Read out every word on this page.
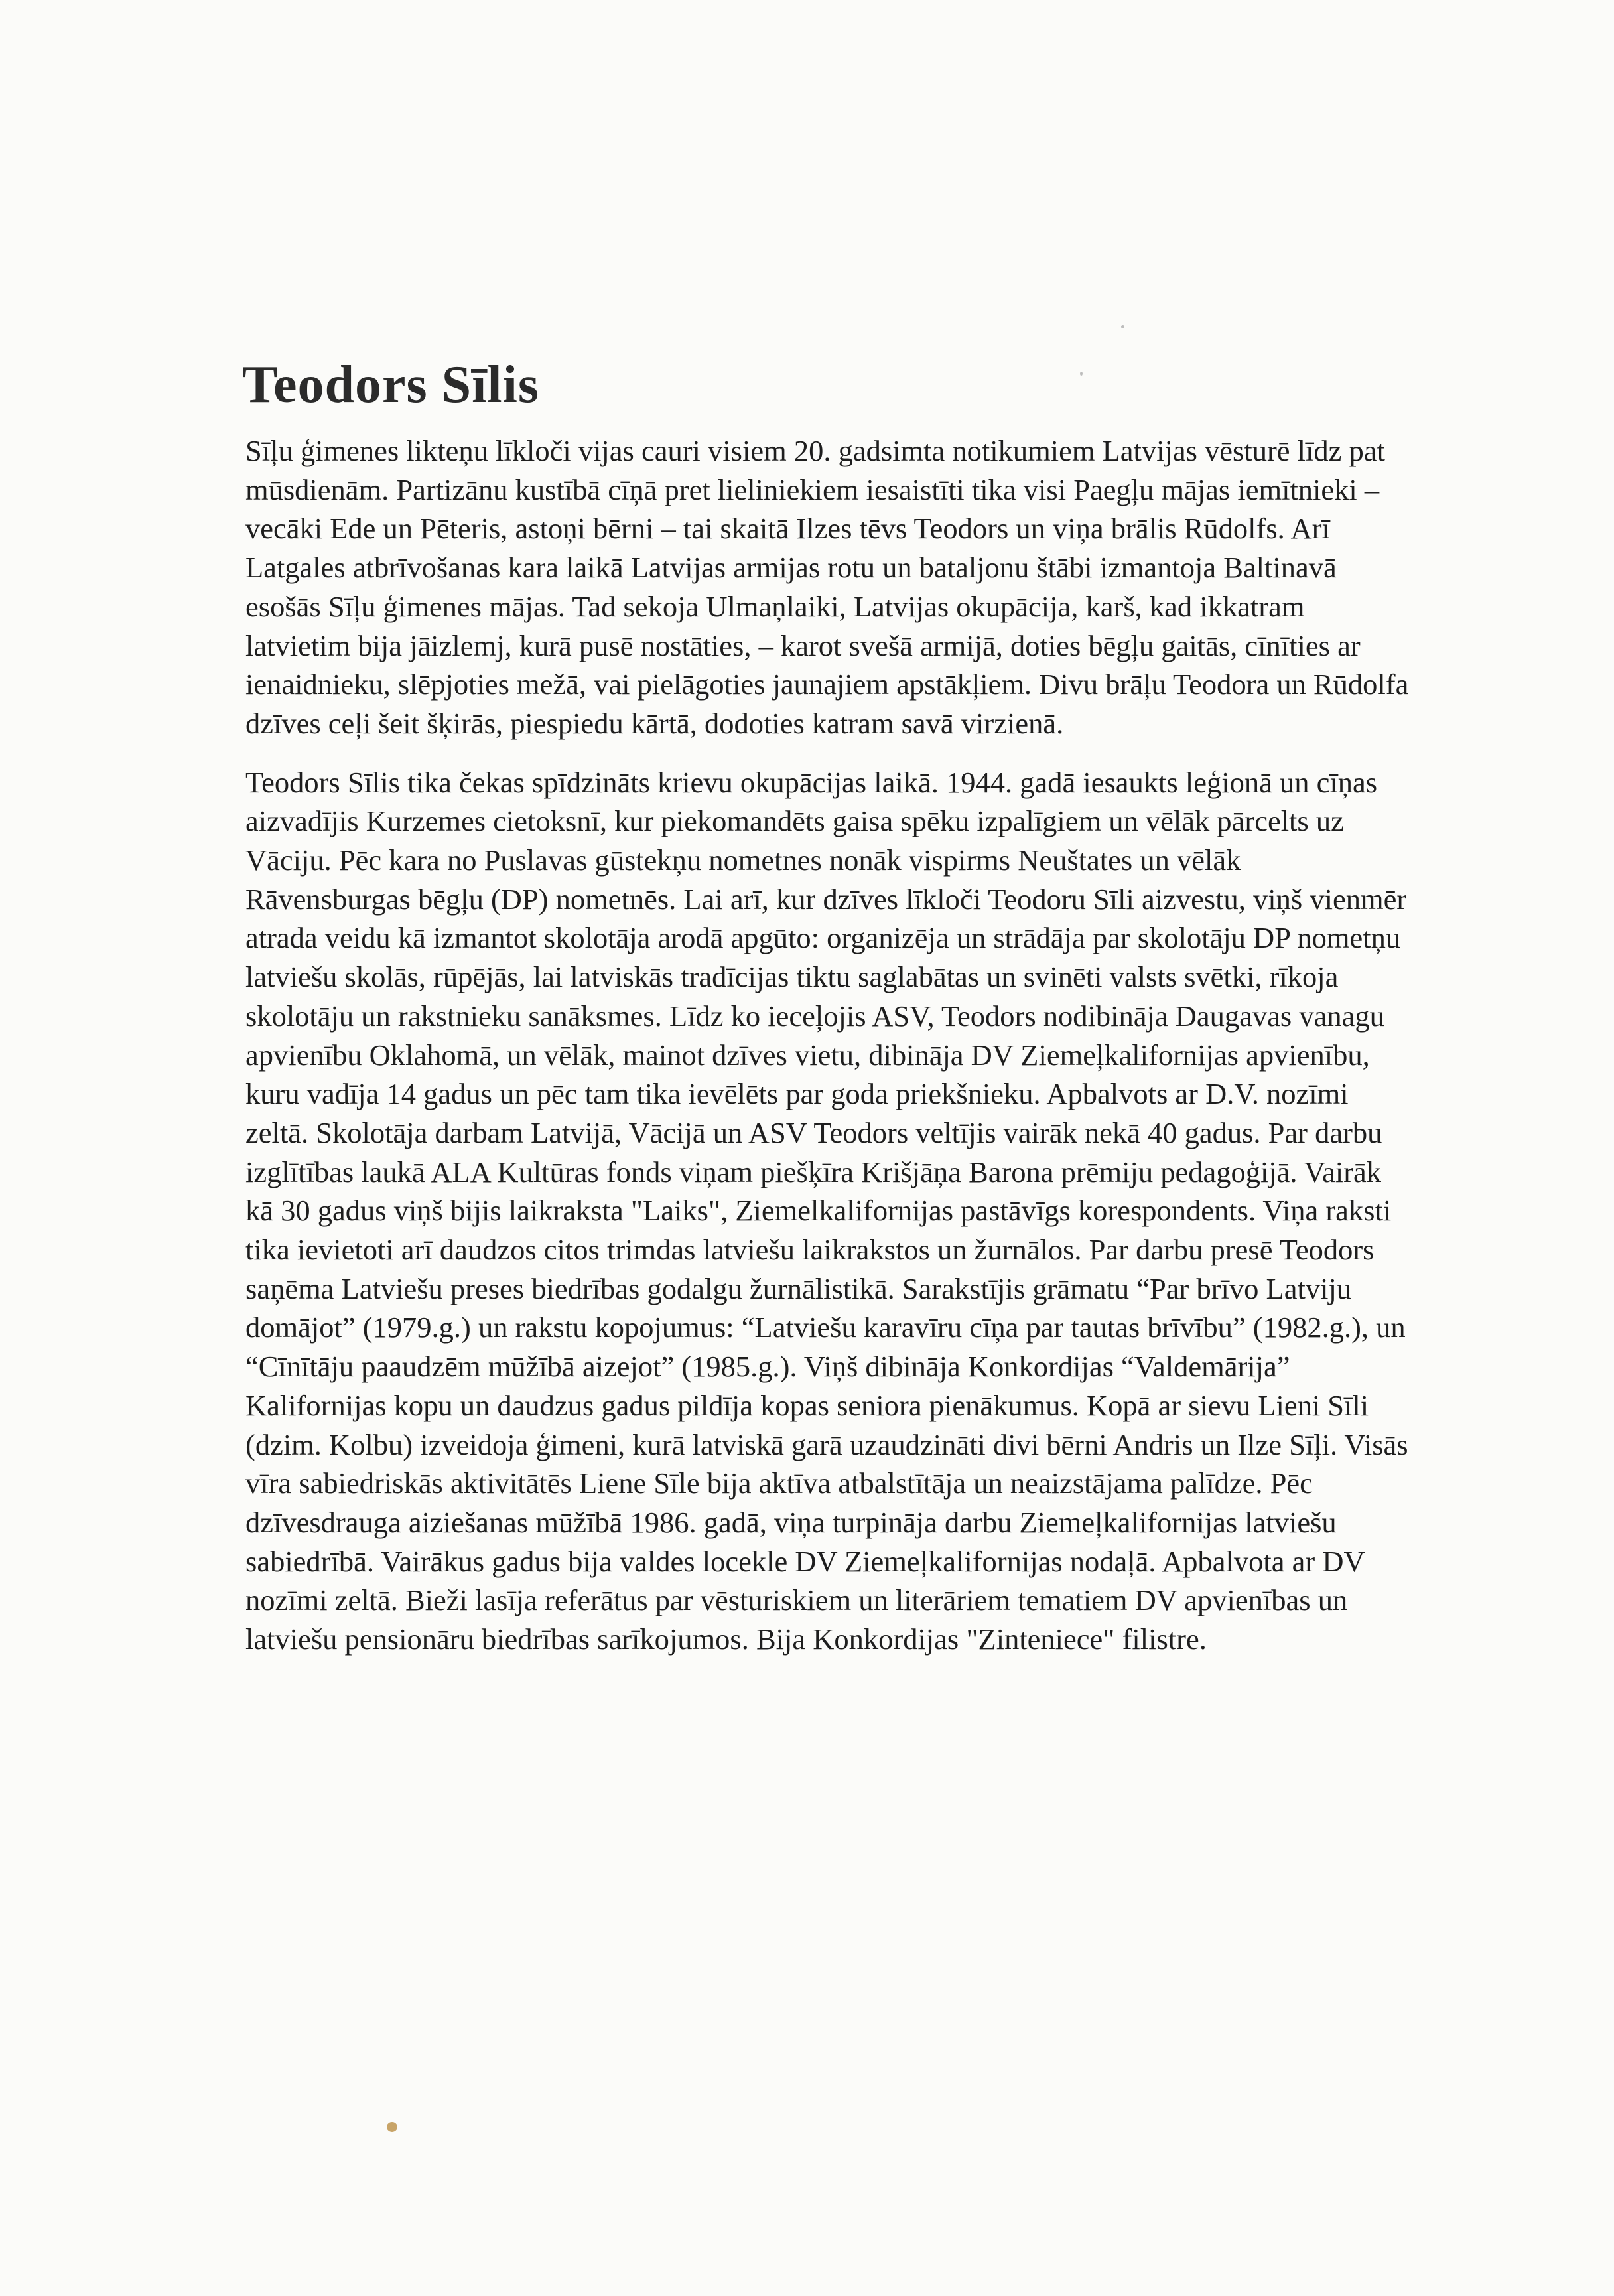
Teodors Sīlis

Sīļu ģimenes likteņu līkloči vijas cauri visiem 20. gadsimta notikumiem Latvijas vēsturē līdz pat mūsdienām. Partizānu kustībā cīņā pret lieliniekiem iesaistīti tika visi Paegļu mājas iemītnieki – vecāki Ede un Pēteris, astoņi bērni – tai skaitā Ilzes tēvs Teodors un viņa brālis Rūdolfs. Arī Latgales atbrīvošanas kara laikā Latvijas armijas rotu un bataljonu štābi izmantoja Baltinavā esošās Sīļu ģimenes mājas. Tad sekoja Ulmaņlaiki, Latvijas okupācija, karš, kad ikkatram latvietim bija jāizlemj, kurā pusē nostāties, – karot svešā armijā, doties bēgļu gaitās, cīnīties ar ienaidnieku, slēpjoties mežā, vai pielāgoties jaunajiem apstākļiem. Divu brāļu Teodora un Rūdolfa dzīves ceļi šeit šķirās, piespiedu kārtā, dodoties katram savā virzienā.

Teodors Sīlis tika čekas spīdzināts krievu okupācijas laikā. 1944. gadā iesaukts leģionā un cīņas aizvadījis Kurzemes cietoksnī, kur piekomandēts gaisa spēku izpalīgiem un vēlāk pārcelts uz Vāciju. Pēc kara no Puslavas gūstekņu nometnes nonāk vispirms Neuštates un vēlāk Rāvensburgas bēgļu (DP) nometnēs. Lai arī, kur dzīves līkloči Teodoru Sīli aizvestu, viņš vienmēr atrada veidu kā izmantot skolotāja arodā apgūto: organizēja un strādāja par skolotāju DP nometņu latviešu skolās, rūpējās, lai latviskās tradīcijas tiktu saglabātas un svinēti valsts svētki, rīkoja skolotāju un rakstnieku sanāksmes. Līdz ko ieceļojis ASV, Teodors nodibināja Daugavas vanagu apvienību Oklahomā, un vēlāk, mainot dzīves vietu, dibināja DV Ziemeļkalifornijas apvienību, kuru vadīja 14 gadus un pēc tam tika ievēlēts par goda priekšnieku. Apbalvots ar D.V. nozīmi zeltā. Skolotāja darbam Latvijā, Vācijā un ASV Teodors veltījis vairāk nekā 40 gadus. Par darbu izglītības laukā ALA Kultūras fonds viņam piešķīra Krišjāņa Barona prēmiju pedagoģijā. Vairāk kā 30 gadus viņš bijis laikraksta "Laiks", Ziemelkalifornijas pastāvīgs korespondents. Viņa raksti tika ievietoti arī daudzos citos trimdas latviešu laikrakstos un žurnālos. Par darbu presē Teodors saņēma Latviešu preses biedrības godalgu žurnālistikā. Sarakstījis grāmatu “Par brīvo Latviju domājot” (1979.g.) un rakstu kopojumus: “Latviešu karavīru cīņa par tautas brīvību” (1982.g.), un “Cīnītāju paaudzēm mūžībā aizejot” (1985.g.). Viņš dibināja Konkordijas “Valdemārija” Kalifornijas kopu un daudzus gadus pildīja kopas seniora pienākumus. Kopā ar sievu Lieni Sīli (dzim. Kolbu) izveidoja ģimeni, kurā latviskā garā uzaudzināti divi bērni Andris un Ilze Sīļi. Visās vīra sabiedriskās aktivitātēs Liene Sīle bija aktīva atbalstītāja un neaizstājama palīdze. Pēc dzīvesdrauga aiziešanas mūžībā 1986. gadā, viņa turpināja darbu Ziemeļkalifornijas latviešu sabiedrībā. Vairākus gadus bija valdes locekle DV Ziemeļkalifornijas nodaļā. Apbalvota ar DV nozīmi zeltā. Bieži lasīja referātus par vēsturiskiem un literāriem tematiem DV apvienības un latviešu pensionāru biedrības sarīkojumos. Bija Konkordijas "Zinteniece" filistre.
